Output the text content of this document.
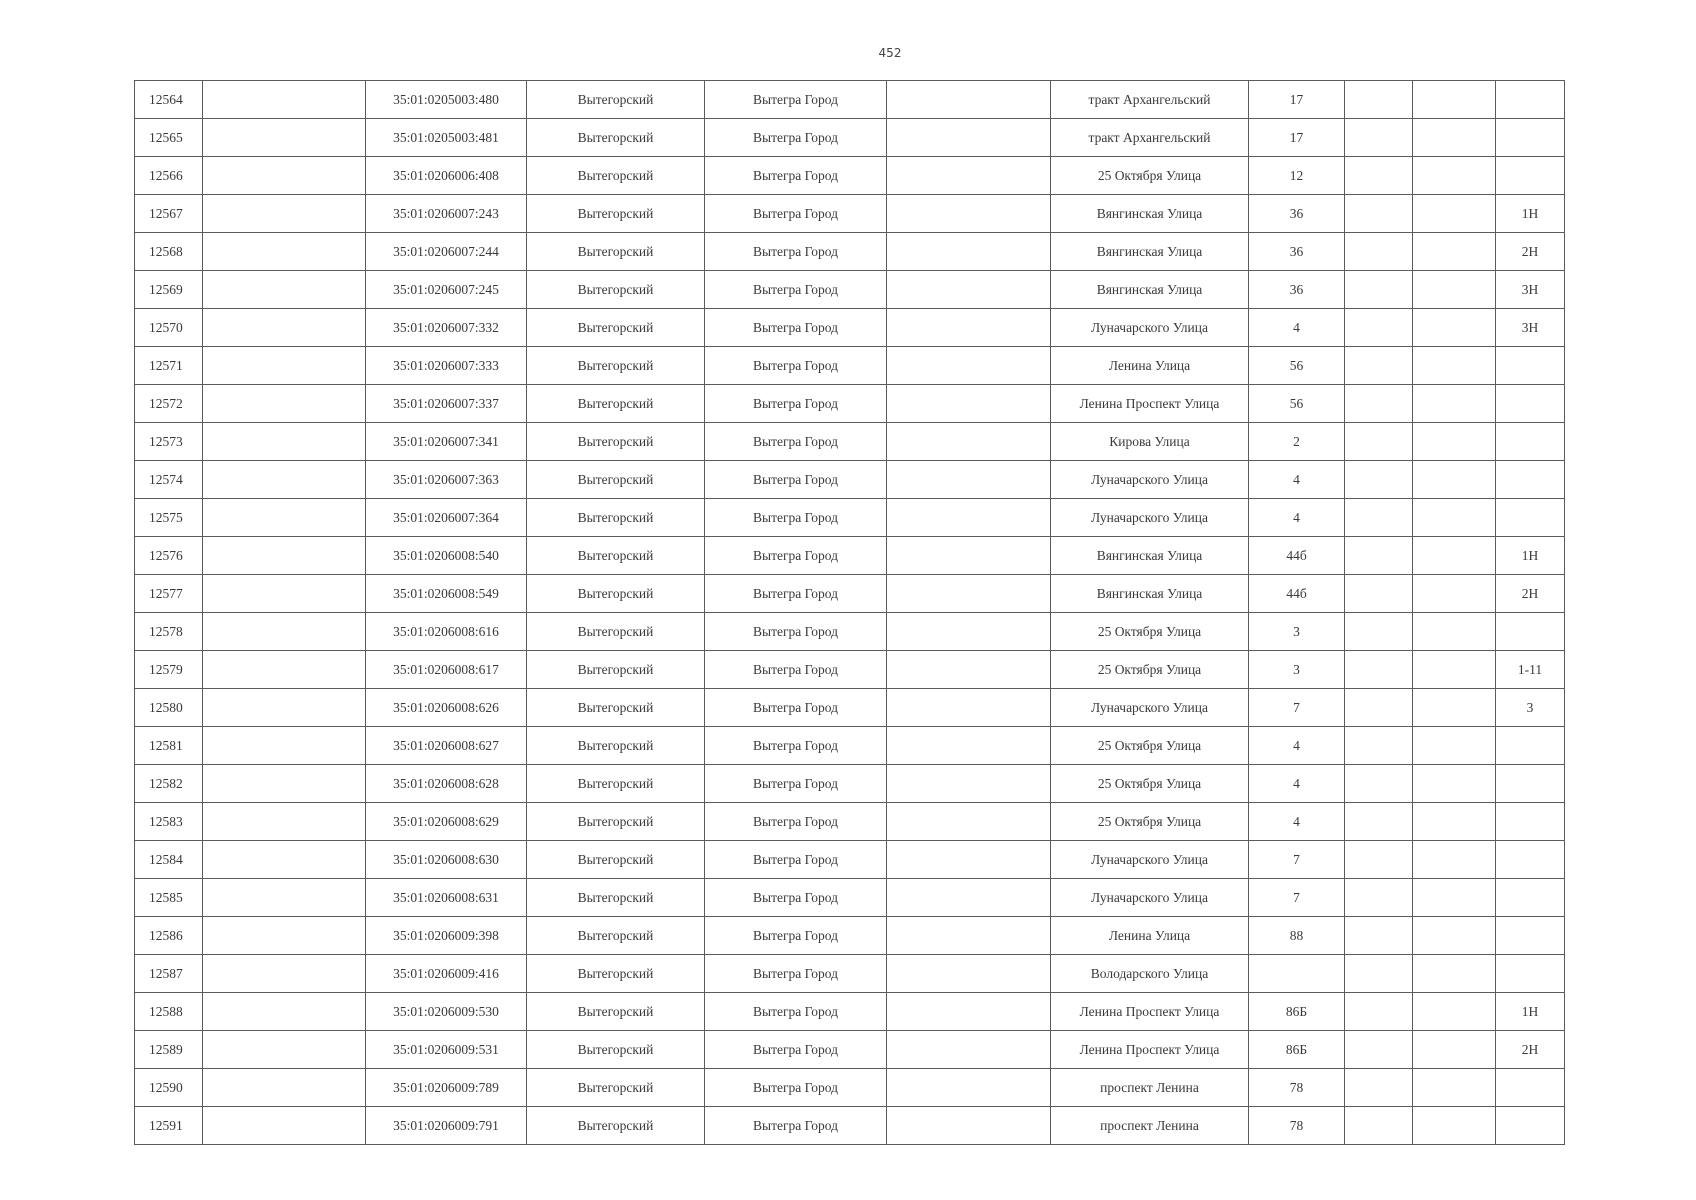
452
12564		35:01:0205003:480	Вытегорский	Вытегра Город		тракт Архангельский	17			
12565		35:01:0205003:481	Вытегорский	Вытегра Город		тракт Архангельский	17			
12566		35:01:0206006:408	Вытегорский	Вытегра Город		25 Октября Улица	12			
12567		35:01:0206007:243	Вытегорский	Вытегра Город		Вянгинская Улица	36			1Н
12568		35:01:0206007:244	Вытегорский	Вытегра Город		Вянгинская Улица	36			2Н
12569		35:01:0206007:245	Вытегорский	Вытегра Город		Вянгинская Улица	36			3Н
12570		35:01:0206007:332	Вытегорский	Вытегра Город		Луначарского Улица	4			3Н
12571		35:01:0206007:333	Вытегорский	Вытегра Город		Ленина Улица	56			
12572		35:01:0206007:337	Вытегорский	Вытегра Город		Ленина Проспект Улица	56			
12573		35:01:0206007:341	Вытегорский	Вытегра Город		Кирова Улица	2			
12574		35:01:0206007:363	Вытегорский	Вытегра Город		Луначарского Улица	4			
12575		35:01:0206007:364	Вытегорский	Вытегра Город		Луначарского Улица	4			
12576		35:01:0206008:540	Вытегорский	Вытегра Город		Вянгинская Улица	44б			1Н
12577		35:01:0206008:549	Вытегорский	Вытегра Город		Вянгинская Улица	44б			2Н
12578		35:01:0206008:616	Вытегорский	Вытегра Город		25 Октября Улица	3			
12579		35:01:0206008:617	Вытегорский	Вытегра Город		25 Октября Улица	3			1-11
12580		35:01:0206008:626	Вытегорский	Вытегра Город		Луначарского Улица	7			3
12581		35:01:0206008:627	Вытегорский	Вытегра Город		25 Октября Улица	4			
12582		35:01:0206008:628	Вытегорский	Вытегра Город		25 Октября Улица	4			
12583		35:01:0206008:629	Вытегорский	Вытегра Город		25 Октября Улица	4			
12584		35:01:0206008:630	Вытегорский	Вытегра Город		Луначарского Улица	7			
12585		35:01:0206008:631	Вытегорский	Вытегра Город		Луначарского Улица	7			
12586		35:01:0206009:398	Вытегорский	Вытегра Город		Ленина Улица	88			
12587		35:01:0206009:416	Вытегорский	Вытегра Город		Володарского Улица				
12588		35:01:0206009:530	Вытегорский	Вытегра Город		Ленина Проспект Улица	86Б			1Н
12589		35:01:0206009:531	Вытегорский	Вытегра Город		Ленина Проспект Улица	86Б			2Н
12590		35:01:0206009:789	Вытегорский	Вытегра Город		проспект Ленина	78			
12591		35:01:0206009:791	Вытегорский	Вытегра Город		проспект Ленина	78			
